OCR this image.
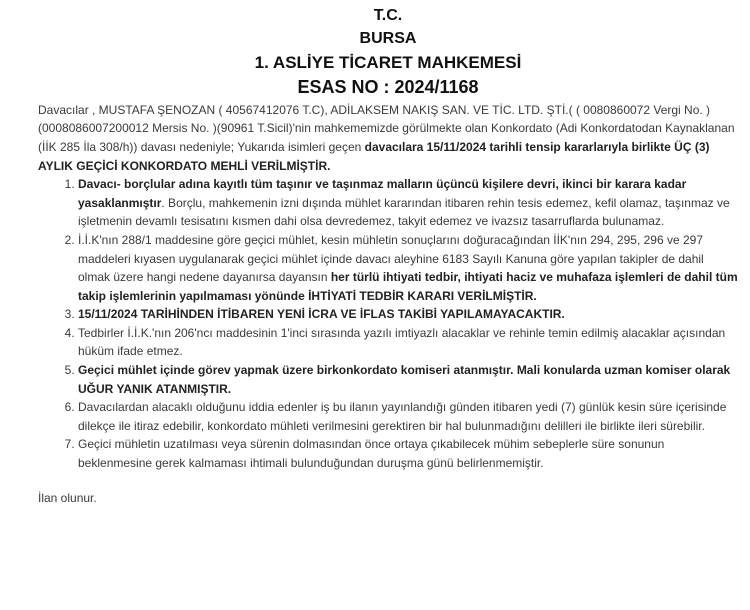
T.C.

BURSA

1. ASLİYE TİCARET MAHKEMESİ

ESAS NO : 2024/1168

Davacılar , MUSTAFA ŞENOZAN ( 40567412076 T.C), ADİLAKSEM NAKIŞ SAN. VE TİC. LTD. ŞTİ.( ( 0080860072 Vergi No. )(0008086007200012 Mersis No. )(90961 T.Sicil)'nin mahkememizde görülmekte olan Konkordato (Adi Konkordatodan Kaynaklanan (İİK 285 İla 308/h)) davası nedeniyle; Yukarıda isimleri geçen davacılara 15/11/2024 tarihli tensip kararlarıyla birlikte ÜÇ (3) AYLIK GEÇİCİ KONKORDATO MEHLİ VERİLMİŞTİR.

1. Davacı- borçlular adına kayıtlı tüm taşınır ve taşınmaz malların üçüncü kişilere devri, ikinci bir karara kadar yasaklanmıştır. Borçlu, mahkemenin izni dışında mühlet kararından itibaren rehin tesis edemez, kefil olamaz, taşınmaz ve işletmenin devamlı tesisatını kısmen dahi olsa devredemez, takyit edemez ve ivazsız tasarruflarda bulunamaz.
2. İ.İ.K'nın 288/1 maddesine göre geçici mühlet, kesin mühletin sonuçlarını doğuracağından İİK'nın 294, 295, 296 ve 297 maddeleri kıyasen uygulanarak geçici mühlet içinde davacı aleyhine 6183 Sayılı Kanuna göre yapılan takipler de dahil olmak üzere hangi nedene dayanırsa dayansın her türlü ihtiyati tedbir, ihtiyati haciz ve muhafaza işlemleri de dahil tüm takip işlemlerinin yapılmaması yönünde İHTİYATİ TEDBİR KARARI VERİLMİŞTİR.
3. 15/11/2024 TARİHİNDEN İTİBAREN YENİ İCRA VE İFLAS TAKİBİ YAPILAMAYACAKTIR.
4. Tedbirler İ.İ.K.'nın 206'ncı maddesinin 1'inci sırasında yazılı imtiyazlı alacaklar ve rehinle temin edilmiş alacaklar açısından hüküm ifade etmez.
5. Geçici mühlet içinde görev yapmak üzere birkonkordato komiseri atanmıştır. Mali konularda uzman komiser olarak UĞUR YANIK ATANMIŞTIR.
6. Davacılardan alacaklı olduğunu iddia edenler iş bu ilanın yayınlandığı günden itibaren yedi (7) günlük kesin süre içerisinde dilekçe ile itiraz edebilir, konkordato mühleti verilmesini gerektiren bir hal bulunmadığını delilleri ile birlikte ileri sürebilir.
7. Geçici mühletin uzatılması veya sürenin dolmasından önce ortaya çıkabilecek mühim sebeplerle süre sonunun beklenmesine gerek kalmaması ihtimali bulunduğundan duruşma günü belirlenmemiştir.

İlan olunur.
